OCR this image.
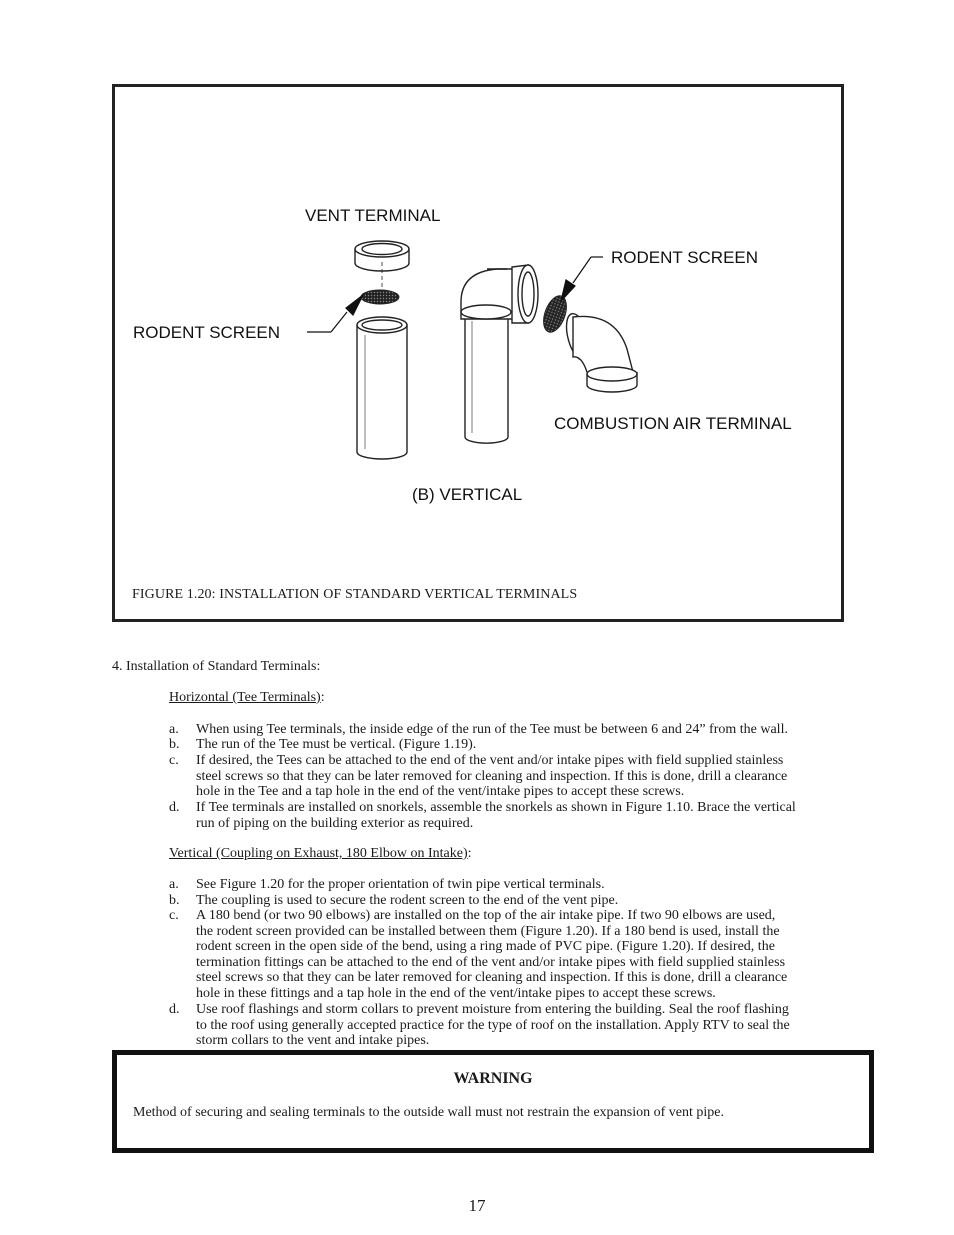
VENT TERMINAL
RODENT SCREEN
RODENT SCREEN
COMBUSTION AIR TERMINAL
(B) VERTICAL
FIGURE 1.20: INSTALLATION OF STANDARD VERTICAL TERMINALS
4. Installation of Standard Terminals:
Horizontal (Tee Terminals):
a. When using Tee terminals, the inside edge of the run of the Tee must be between 6 and 24” from the wall.
b. The run of the Tee must be vertical. (Figure 1.19).
c. If desired, the Tees can be attached to the end of the vent and/or intake pipes with field supplied stainless
steel screws so that they can be later removed for cleaning and inspection. If this is done, drill a clearance
hole in the Tee and a tap hole in the end of the vent/intake pipes to accept these screws.
d. If Tee terminals are installed on snorkels, assemble the snorkels as shown in Figure 1.10. Brace the vertical
run of piping on the building exterior as required.
Vertical (Coupling on Exhaust, 180 Elbow on Intake):
a. See Figure 1.20 for the proper orientation of twin pipe vertical terminals.
b. The coupling is used to secure the rodent screen to the end of the vent pipe.
c. A 180 bend (or two 90 elbows) are installed on the top of the air intake pipe. If two 90 elbows are used,
the rodent screen provided can be installed between them (Figure 1.20). If a 180 bend is used, install the
rodent screen in the open side of the bend, using a ring made of PVC pipe. (Figure 1.20). If desired, the
termination fittings can be attached to the end of the vent and/or intake pipes with field supplied stainless
steel screws so that they can be later removed for cleaning and inspection. If this is done, drill a clearance
hole in these fittings and a tap hole in the end of the vent/intake pipes to accept these screws.
d. Use roof flashings and storm collars to prevent moisture from entering the building. Seal the roof flashing
to the roof using generally accepted practice for the type of roof on the installation. Apply RTV to seal the
storm collars to the vent and intake pipes.
WARNING
Method of securing and sealing terminals to the outside wall must not restrain the expansion of vent pipe.
17
